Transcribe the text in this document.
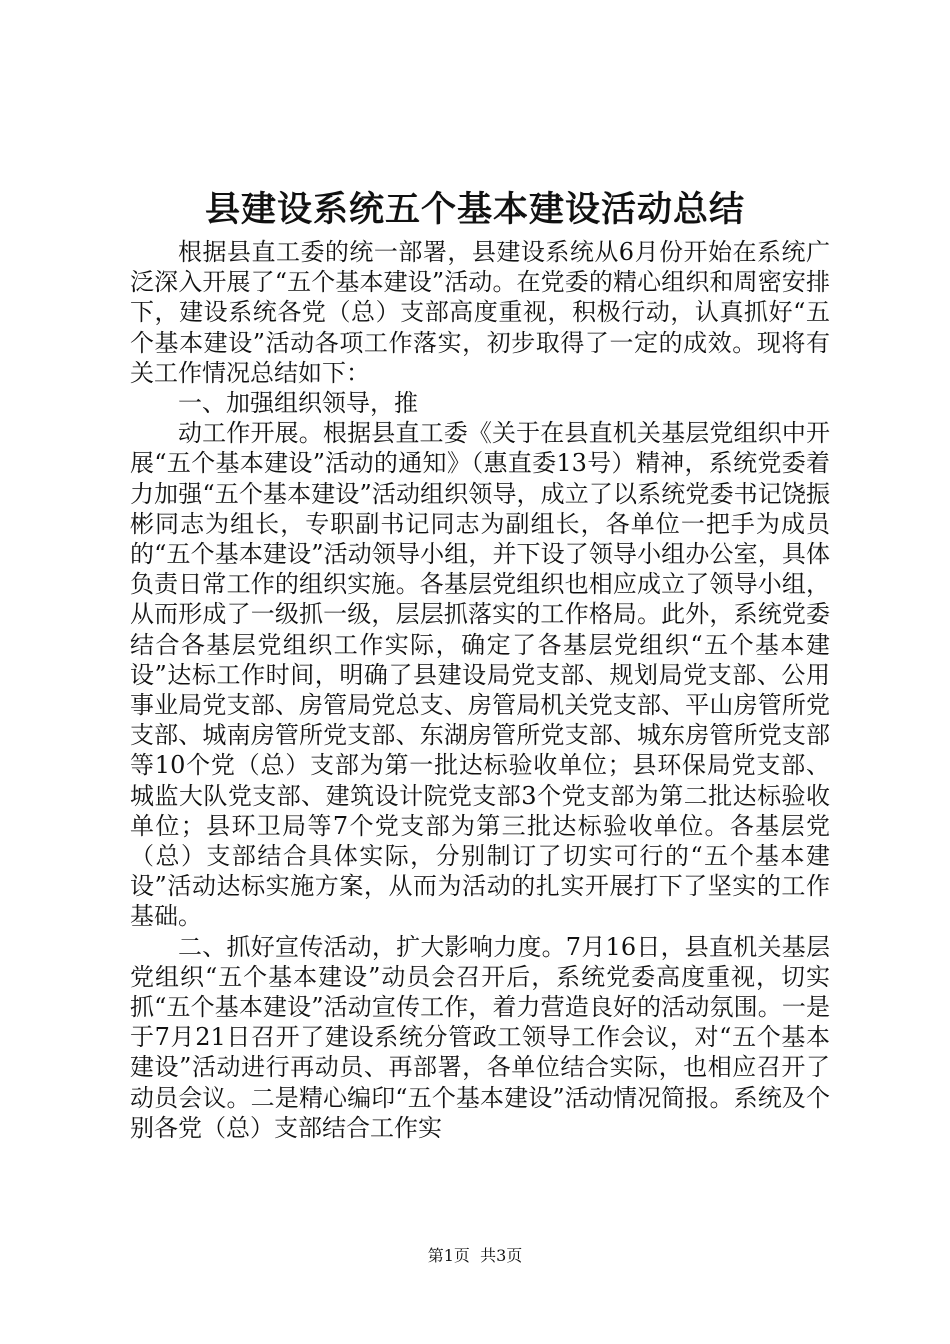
县建设系统五个基本建设活动总结

根据县直工委的统一部署，县建设系统从6月份开始在系统广泛深入开展了“五个基本建设”活动。在党委的精心组织和周密安排下，建设系统各党（总）支部高度重视，积极行动，认真抓好“五个基本建设”活动各项工作落实，初步取得了一定的成效。现将有关工作情况总结如下：

一、加强组织领导，推

动工作开展。根据县直工委《关于在县直机关基层党组织中开展“五个基本建设”活动的通知》（惠直委13号）精神，系统党委着力加强“五个基本建设”活动组织领导，成立了以系统党委书记饶振彬同志为组长，专职副书记同志为副组长，各单位一把手为成员的“五个基本建设”活动领导小组，并下设了领导小组办公室，具体负责日常工作的组织实施。各基层党组织也相应成立了领导小组，从而形成了一级抓一级，层层抓落实的工作格局。此外，系统党委结合各基层党组织工作实际，确定了各基层党组织“五个基本建设”达标工作时间，明确了县建设局党支部、规划局党支部、公用事业局党支部、房管局党总支、房管局机关党支部、平山房管所党支部、城南房管所党支部、东湖房管所党支部、城东房管所党支部等10个党（总）支部为第一批达标验收单位；县环保局党支部、城监大队党支部、建筑设计院党支部3个党支部为第二批达标验收单位；县环卫局等7个党支部为第三批达标验收单位。各基层党（总）支部结合具体实际，分别制订了切实可行的“五个基本建设”活动达标实施方案，从而为活动的扎实开展打下了坚实的工作基础。

二、抓好宣传活动，扩大影响力度。7月16日，县直机关基层党组织“五个基本建设”动员会召开后，系统党委高度重视，切实抓“五个基本建设”活动宣传工作，着力营造良好的活动氛围。一是于7月21日召开了建设系统分管政工领导工作会议，对“五个基本建设”活动进行再动员、再部署，各单位结合实际，也相应召开了动员会议。二是精心编印“五个基本建设”活动情况简报。系统及个别各党（总）支部结合工作实

第1页  共3页
